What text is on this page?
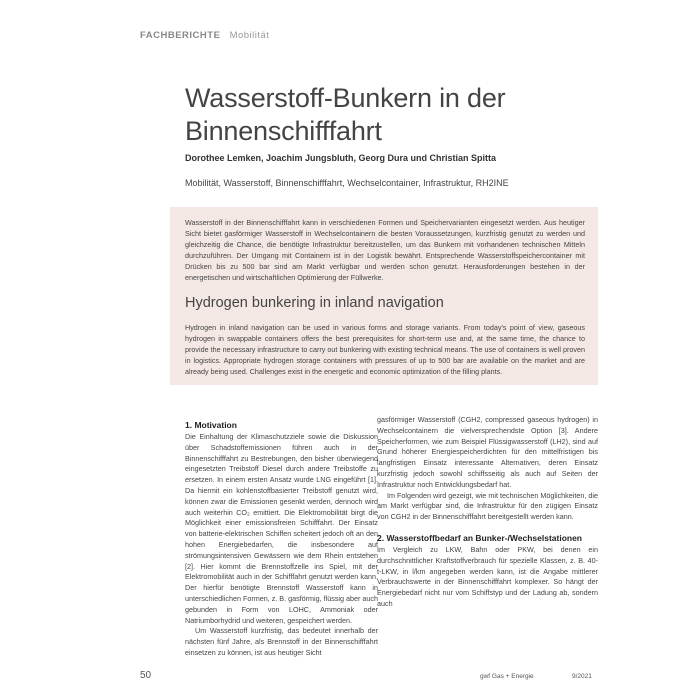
FACHBERICHTE Mobilität
Wasserstoff-Bunkern in der
Binnenschifffahrt
Dorothee Lemken, Joachim Jungsbluth, Georg Dura und Christian Spitta
Mobilität, Wasserstoff, Binnenschifffahrt, Wechselcontainer, Infrastruktur, RH2INE
Wasserstoff in der Binnenschifffahrt kann in verschiedenen Formen und Speichervarianten eingesetzt werden. Aus heutiger Sicht bietet gasförmiger Wasserstoff in Wechselcontainern die besten Voraussetzungen, kurzfristig genutzt zu werden und gleichzeitig die Chance, die benötigte Infrastruktur bereitzustellen, um das Bunkern mit vorhandenen technischen Mitteln durchzuführen. Der Umgang mit Containern ist in der Logistik bewährt. Entsprechende Wasserstoffspeichercontainer mit Drücken bis zu 500 bar sind am Markt verfügbar und werden schon genutzt. Herausforderungen bestehen in der energetischen und wirtschaftlichen Optimierung der Füllwerke.
Hydrogen bunkering in inland navigation
Hydrogen in inland navigation can be used in various forms and storage variants. From today's point of view, gaseous hydrogen in swappable containers offers the best prerequisites for short-term use and, at the same time, the chance to provide the necessary infrastructure to carry out bunkering with existing technical means. The use of containers is well proven in logistics. Appropriate hydrogen storage containers with pressures of up to 500 bar are available on the market and are already being used. Challenges exist in the energetic and economic optimization of the filling plants.
1. Motivation

Die Einhaltung der Klimaschutzziele sowie die Diskussion über Schadstoffemissionen führen auch in der Binnenschifffahrt zu Bestrebungen, den bisher überwiegend eingesetzten Treibstoff Diesel durch andere Treibstoffe zu ersetzen. In einem ersten Ansatz wurde LNG eingeführt [1]. Da hiermit ein kohlenstoffbasierter Treibstoff genutzt wird, können zwar die Emissionen gesenkt werden, dennoch wird auch weiterhin CO₂ emittiert. Die Elektromobilität birgt die Möglichkeit einer emissionsfreien Schifffahrt. Der Einsatz von batterie-elektrischen Schiffen scheitert jedoch oft an den hohen Energiebedarfen, die insbesondere auf strömungsintensiven Gewässern wie dem Rhein entstehen [2]. Hier kommt die Brennstoffzelle ins Spiel, mit der Elektromobilität auch in der Schifffahrt genutzt werden kann. Der hierfür benötigte Brennstoff Wasserstoff kann in unterschiedlichen Formen, z. B. gasförmig, flüssig aber auch gebunden in Form von LOHC, Ammoniak oder Natriumborhydrid und weiteren, gespeichert werden.

Um Wasserstoff kurzfristig, das bedeutet innerhalb der nächsten fünf Jahre, als Brennstoff in der Binnenschifffahrt einsetzen zu können, ist aus heutiger Sicht

gasförmiger Wasserstoff (CGH2, compressed gaseous hydrogen) in Wechselcontainern die vielversprechendste Option [3]. Andere Speicherformen, wie zum Beispiel Flüssigwasserstoff (LH2), sind auf Grund höherer Energiespeicherdichten für den mittelfristigen bis langfristigen Einsatz interessante Alternativen, deren Einsatz kurzfristig jedoch sowohl schiffsseitig als auch auf Seiten der Infrastruktur noch Entwicklungsbedarf hat.

Im Folgenden wird gezeigt, wie mit technischen Möglichkeiten, die am Markt verfügbar sind, die Infrastruktur für den zügigen Einsatz von CGH2 in der Binnenschifffahrt bereitgestellt werden kann.

2. Wasserstoffbedarf an Bunker-/Wechselstationen

Im Vergleich zu LKW, Bahn oder PKW, bei denen ein durchschnittlicher Kraftstoffverbrauch für spezielle Klassen, z. B. 40-t-LKW, in l/km angegeben werden kann, ist die Angabe mittlerer Verbrauchswerte in der Binnenschifffahrt komplexer. So hängt der Energiebedarf nicht nur vom Schiffstyp und der Ladung ab, sondern auch

50	gwf Gas + Energie	9/2021
